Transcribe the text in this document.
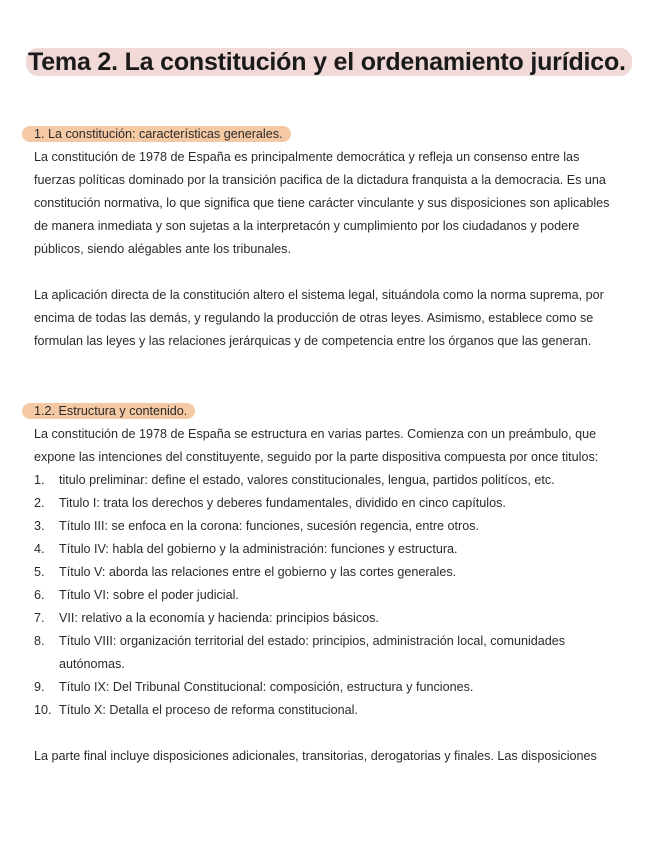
Tema 2. La constitución y el ordenamiento jurídico.
1. La constitución: características generales.

La constitución de 1978 de España es principalmente democrática y refleja un consenso entre las fuerzas políticas dominado por la transición pacifica de la dictadura franquista a la democracia. Es una constitución normativa, lo que significa que tiene carácter vinculante y sus disposiciones son aplicables de manera inmediata y son sujetas a la interpretacón y cumplimiento por los ciudadanos y podere públicos, siendo alégables ante los tribunales.

La aplicación directa de la constitución altero el sistema legal, situándola como la norma suprema, por encima de todas las demás, y regulando la producción de otras leyes. Asimismo, establece como se formulan las leyes y las relaciones jerárquicas y de competencia entre los órganos que las generan.

1.2. Estructura y contenido.

La constitución de 1978 de España se estructura en varias partes. Comienza con un preámbulo, que expone las intenciones del constituyente, seguido por la parte dispositiva compuesta por once titulos:

1. titulo preliminar: define el estado, valores constitucionales, lengua, partidos politícos, etc.
2. Titulo I: trata los derechos y deberes fundamentales, dividido en cinco capítulos.
3. Título III: se enfoca en la corona: funciones, sucesión regencia, entre otros.
4. Título IV: habla del gobierno y la administración: funciones y estructura.
5. Título V: aborda las relaciones entre el gobierno y las cortes generales.
6. Título VI: sobre el poder judicial.
7. VII: relativo a la economía y hacienda: principios básicos.
8. Título VIII: organización territorial del estado: principios, administración local, comunidades autónomas.
9. Título IX: Del Tribunal Constitucional: composición, estructura y funciones.
10. Título X: Detalla el proceso de reforma constitucional.

La parte final incluye disposiciones adicionales, transitorias, derogatorias y finales. Las disposiciones
